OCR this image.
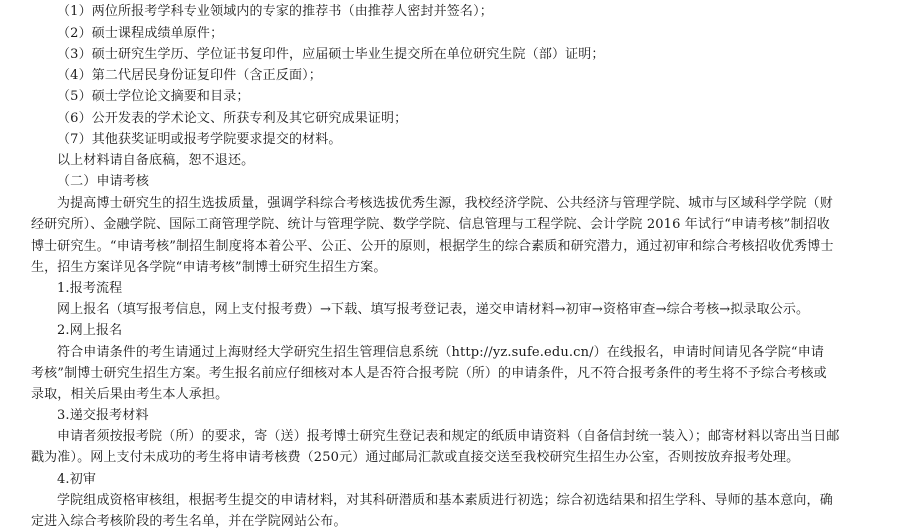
（1）两位所报考学科专业领域内的专家的推荐书（由推荐人密封并签名）；
（2）硕士课程成绩单原件；
（3）硕士研究生学历、学位证书复印件，应届硕士毕业生提交所在单位研究生院（部）证明；
（4）第二代居民身份证复印件（含正反面）；
（5）硕士学位论文摘要和目录；
（6）公开发表的学术论文、所获专利及其它研究成果证明；
（7）其他获奖证明或报考学院要求提交的材料。
以上材料请自备底稿，恕不退还。
（二）申请考核
为提高博士研究生的招生选拔质量，强调学科综合考核选拔优秀生源，我校经济学院、公共经济与管理学院、城市与区域科学学院（财
经研究所）、金融学院、国际工商管理学院、统计与管理学院、数学学院、信息管理与工程学院、会计学院 2016 年试行“申请考核”制招收
博士研究生。“申请考核”制招生制度将本着公平、公正、公开的原则，根据学生的综合素质和研究潜力，通过初审和综合考核招收优秀博士
生，招生方案详见各学院“申请考核”制博士研究生招生方案。
1.报考流程
网上报名（填写报考信息，网上支付报考费）→下载、填写报考登记表，递交申请材料→初审→资格审查→综合考核→拟录取公示。
2.网上报名
符合申请条件的考生请通过上海财经大学研究生招生管理信息系统（http://yz.sufe.edu.cn/）在线报名，申请时间请见各学院“申请
考核”制博士研究生招生方案。考生报名前应仔细核对本人是否符合报考院（所）的申请条件，凡不符合报考条件的考生将不予综合考核或
录取，相关后果由考生本人承担。
3.递交报考材料
申请者须按报考院（所）的要求，寄（送）报考博士研究生登记表和规定的纸质申请资料（自备信封统一装入）；邮寄材料以寄出当日邮
戳为准）。网上支付未成功的考生将申请考核费（250元）通过邮局汇款或直接交送至我校研究生招生办公室，否则按放弃报考处理。
4.初审
学院组成资格审核组，根据考生提交的申请材料，对其科研潜质和基本素质进行初选；综合初选结果和招生学科、导师的基本意向，确
定进入综合考核阶段的考生名单，并在学院网站公布。
